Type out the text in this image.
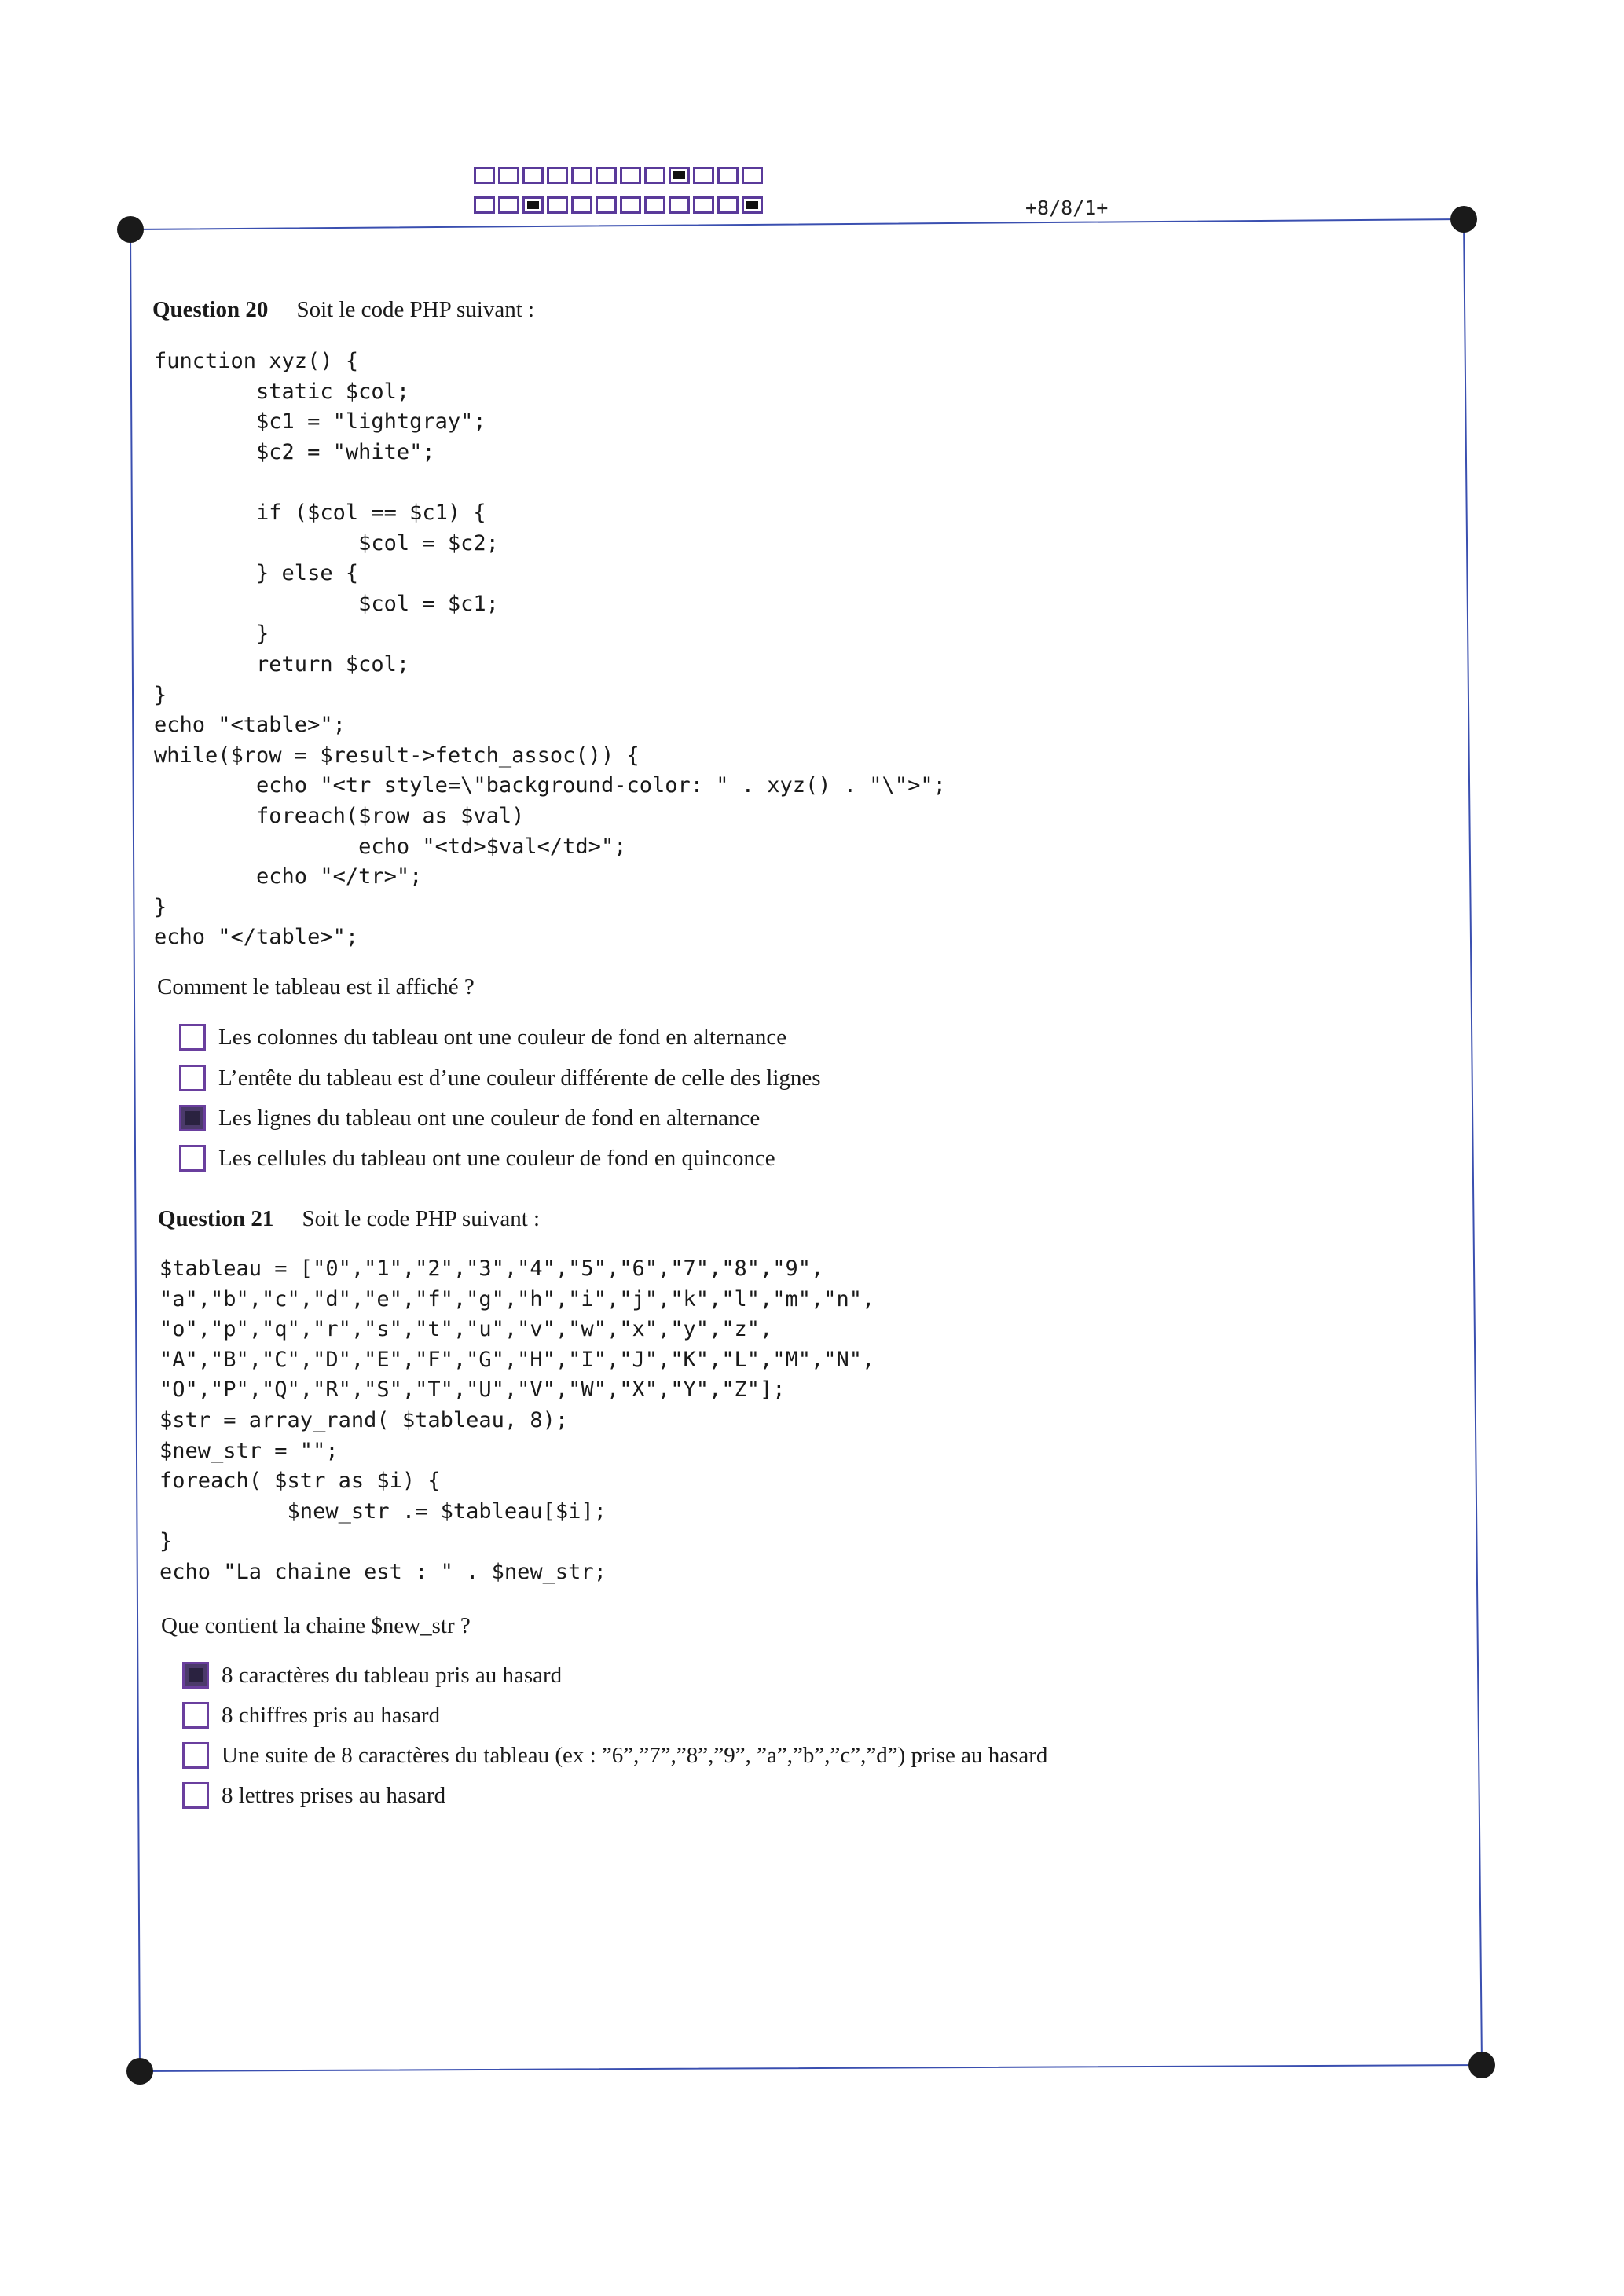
+8/8/1+
Question 20 Soit le code PHP suivant :
function xyz() {
static $col;
$c1 = "lightgray";
$c2 = "white";

if ($col == $c1) {
$col = $c2;
} else {
$col = $c1;
}
return $col;
}
echo "<table>";
while($row = $result->fetch_assoc()) {
echo "<tr style=\"background-color: " . xyz() . "\">";
foreach($row as $val)
echo "<td>$val</td>";
echo "</tr>";
}
echo "</table>";
Comment le tableau est il affiché ?
Les colonnes du tableau ont une couleur de fond en alternance
L’entête du tableau est d’une couleur différente de celle des lignes
Les lignes du tableau ont une couleur de fond en alternance
Les cellules du tableau ont une couleur de fond en quinconce
Question 21 Soit le code PHP suivant :
$tableau = ["0","1","2","3","4","5","6","7","8","9",
"a","b","c","d","e","f","g","h","i","j","k","l","m","n",
"o","p","q","r","s","t","u","v","w","x","y","z",
"A","B","C","D","E","F","G","H","I","J","K","L","M","N",
"O","P","Q","R","S","T","U","V","W","X","Y","Z"];
$str = array_rand( $tableau, 8);
$new_str = "";
foreach( $str as $i) {
$new_str .= $tableau[$i];
}
echo "La chaine est : " . $new_str;
Que contient la chaine $new_str ?
8 caractères du tableau pris au hasard
8 chiffres pris au hasard
Une suite de 8 caractères du tableau (ex : ”6”,”7”,”8”,”9”, ”a”,”b”,”c”,”d”) prise au hasard
8 lettres prises au hasard
